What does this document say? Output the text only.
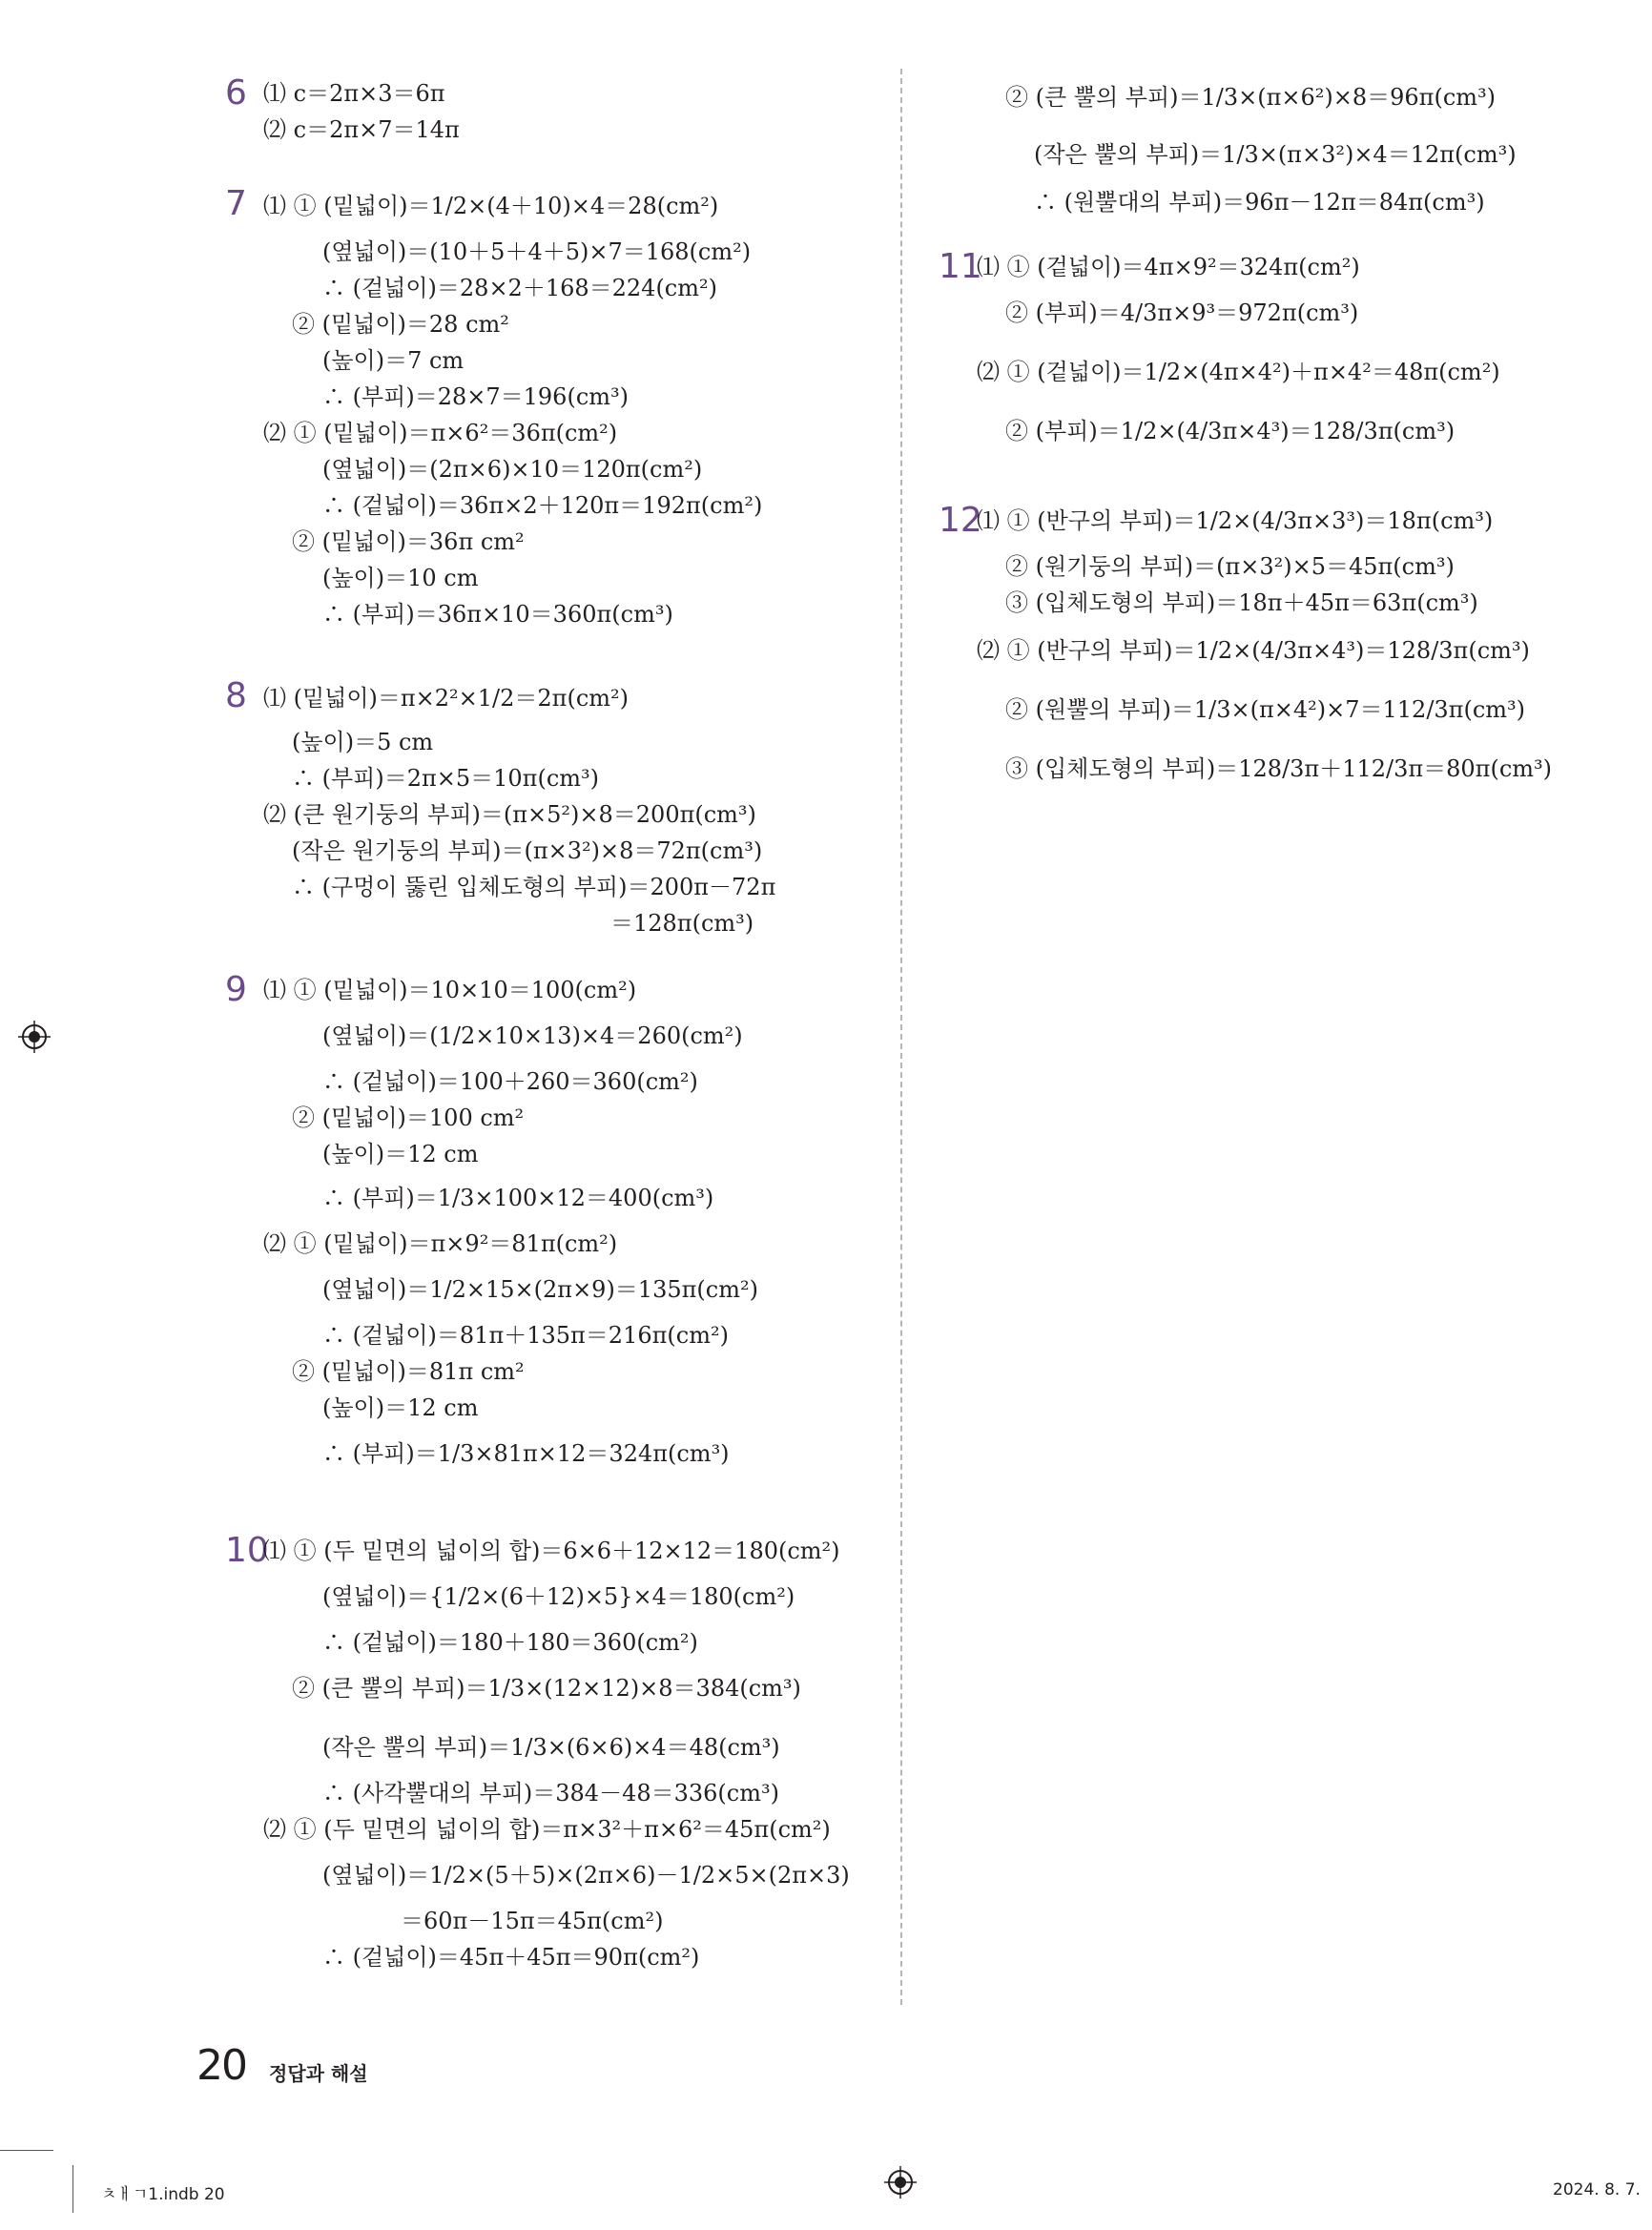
6 ⑴ c＝2π×3＝6π
⑵ c＝2π×7＝14π
7 ⑴ ① (밑넓이)＝1/2×(4＋10)×4＝28(cm²)
(옆넓이)＝(10＋5＋4＋5)×7＝168(cm²)
∴ (겉넓이)＝28×2＋168＝224(cm²)
② (밑넓이)＝28 cm²
(높이)＝7 cm
∴ (부피)＝28×7＝196(cm³)
⑵ ① (밑넓이)＝π×6²＝36π(cm²)
(옆넓이)＝(2π×6)×10＝120π(cm²)
∴ (겉넓이)＝36π×2＋120π＝192π(cm²)
② (밑넓이)＝36π cm²
(높이)＝10 cm
∴ (부피)＝36π×10＝360π(cm³)
8 ⑴ (밑넓이)＝π×2²×1/2＝2π(cm²)
(높이)＝5 cm
∴ (부피)＝2π×5＝10π(cm³)
⑵ (큰 원기둥의 부피)＝(π×5²)×8＝200π(cm³)
(작은 원기둥의 부피)＝(π×3²)×8＝72π(cm³)
∴ (구멍이 뚫린 입체도형의 부피)＝200π－72π
＝128π(cm³)
9 ⑴ ① (밑넓이)＝10×10＝100(cm²)
(옆넓이)＝(1/2×10×13)×4＝260(cm²)
∴ (겉넓이)＝100＋260＝360(cm²)
② (밑넓이)＝100 cm²
(높이)＝12 cm
∴ (부피)＝1/3×100×12＝400(cm³)
⑵ ① (밑넓이)＝π×9²＝81π(cm²)
(옆넓이)＝1/2×15×(2π×9)＝135π(cm²)
∴ (겉넓이)＝81π＋135π＝216π(cm²)
② (밑넓이)＝81π cm²
(높이)＝12 cm
∴ (부피)＝1/3×81π×12＝324π(cm³)
10
⑴ ① (두 밑면의 넓이의 합)＝6×6＋12×12＝180(cm²)
(옆넓이)＝{1/2×(6＋12)×5}×4＝180(cm²)
∴ (겉넓이)＝180＋180＝360(cm²)
② (큰 뿔의 부피)＝1/3×(12×12)×8＝384(cm³)
(작은 뿔의 부피)＝1/3×(6×6)×4＝48(cm³)
∴ (사각뿔대의 부피)＝384－48＝336(cm³)
⑵ ① (두 밑면의 넓이의 합)＝π×3²＋π×6²＝45π(cm²)
(옆넓이)＝1/2×(5＋5)×(2π×6)－1/2×5×(2π×3)
＝60π－15π＝45π(cm²)
∴ (겉넓이)＝45π＋45π＝90π(cm²)
② (큰 뿔의 부피)＝1/3×(π×6²)×8＝96π(cm³)
(작은 뿔의 부피)＝1/3×(π×3²)×4＝12π(cm³)
∴ (원뿔대의 부피)＝96π－12π＝84π(cm³)
11
⑴ ① (겉넓이)＝4π×9²＝324π(cm²)
② (부피)＝4/3π×9³＝972π(cm³)
⑵ ① (겉넓이)＝1/2×(4π×4²)＋π×4²＝48π(cm²)
② (부피)＝1/2×(4/3π×4³)＝128/3π(cm³)
12
⑴ ① (반구의 부피)＝1/2×(4/3π×3³)＝18π(cm³)
② (원기둥의 부피)＝(π×3²)×5＝45π(cm³)
③ (입체도형의 부피)＝18π＋45π＝63π(cm³)
⑵ ① (반구의 부피)＝1/2×(4/3π×4³)＝128/3π(cm³)
② (원뿔의 부피)＝1/3×(π×4²)×7＝112/3π(cm³)
③ (입체도형의 부피)＝128/3π＋112/3π＝80π(cm³)
20 정답과 해설
ㅊㅐㄱ1.indb 20	2024. 8. 7.
